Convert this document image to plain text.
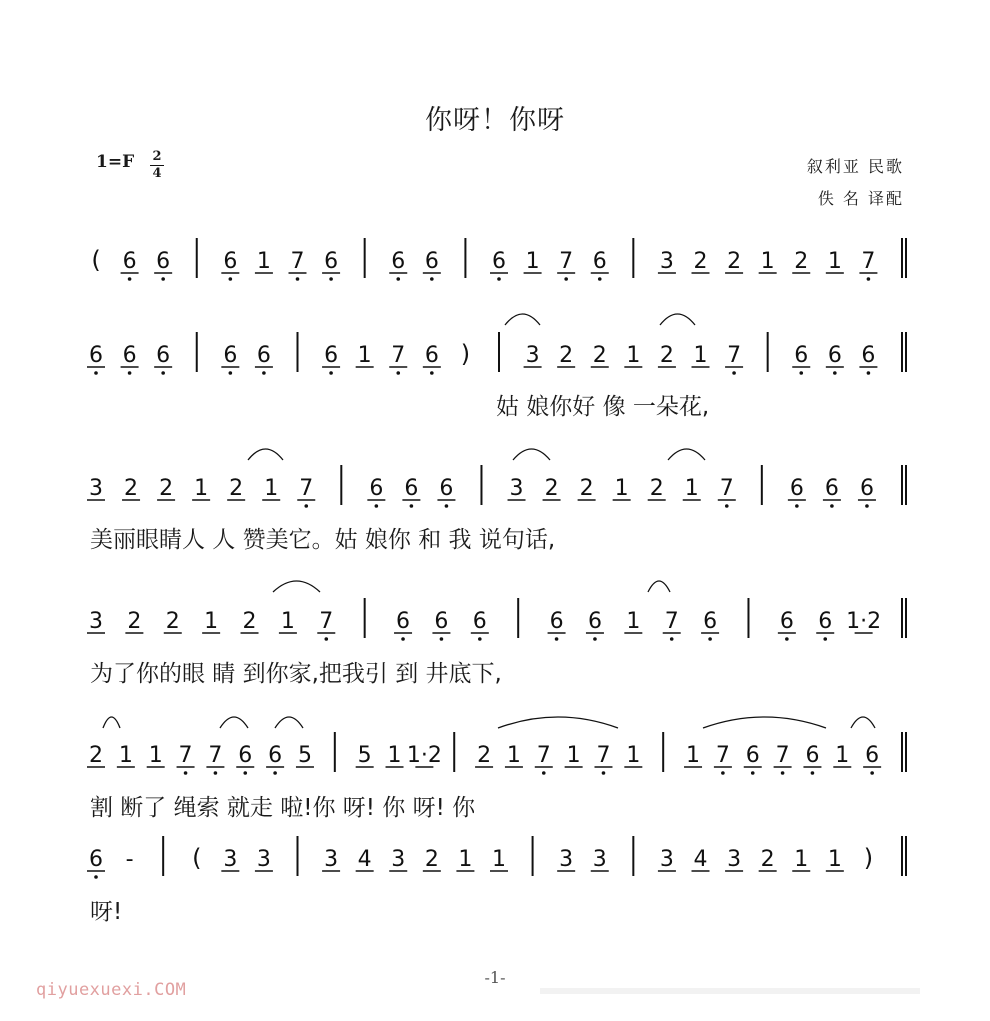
你呀！你呀
1=F 2
4	叙利亚 民歌
佚 名 译配
( 6 6 6 1 7 6 6 6 6 1 7 6 3 2 2 1 2 1 7
6 6 6 6 6 6 1 7 6 )	3 2 2 1 2 1 7 6 6 6
3 2 2 1 2 1 7	6 6 6	3 2 2 1 2 1 7	6 6 6
3 2 2 1 2 1 7	6 6 6	6 6 1 7 6	6 6 1·2
2 1 1 7 7 6 6 5 5 1 1·2 2 1 7 1 7 1 1 7 6 7 6 1 6
6 - ( 3 3 3 4 3 2 1 1 3 3 3 4 3 2 1 1 )
姑 娘你好 像 一朵花,
美丽眼睛人 人 赞美它。姑 娘你 和 我 说句话,
为了你的眼 睛 到你家,把我引 到 井底下,
割 断了 绳索 就走 啦!你 呀! 你 呀! 你
呀!
-1-
qiyuexuexi.COM
